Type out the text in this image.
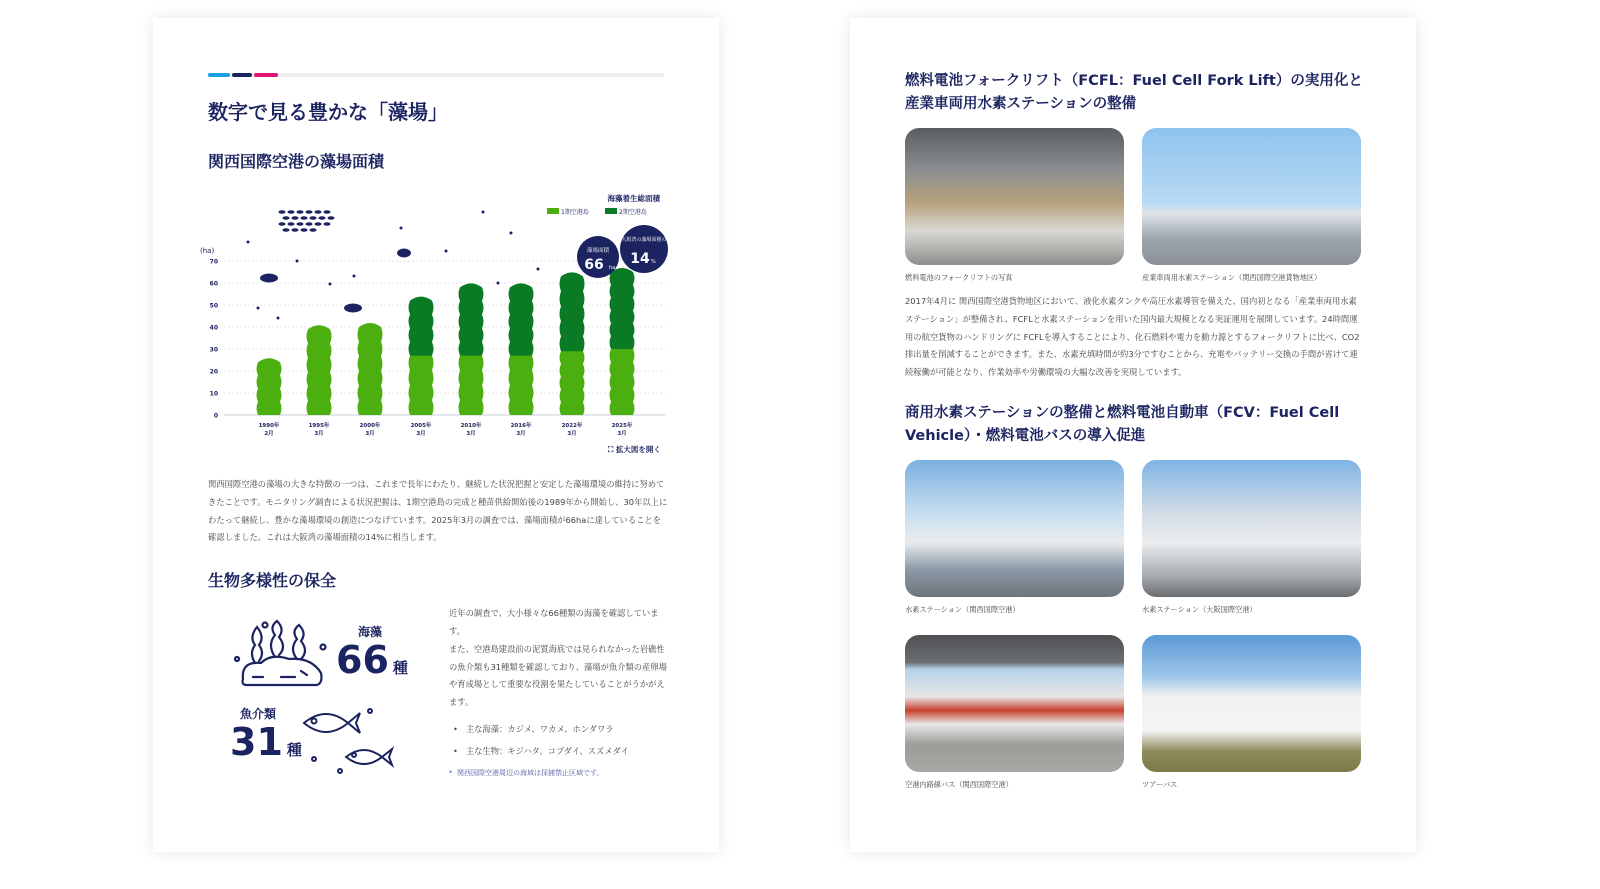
数字で見る豊かな「藻場」
関西国際空港の藻場面積
(ha)
0
10
20
30
40
50
60
70
1990年
2月
1995年
3月
2000年
3月
2005年
3月
2010年
3月
2016年
3月
2022年
3月
2025年
3月
海藻着生総面積
1期空港島	2期空港島
藻場面積
66 ha
大阪湾の藻場面積の
14 %
⛶ 拡大図を開く

関西国際空港の藻場の大きな特徴の一つは、これまで長年にわたり、継続した状況把握と安定した藻場環境の維持に努めてきたことです。モニタリング調査による状況把握は、1期空港島の完成と種苗供給開始後の1989年から開始し、30年以上にわたって継続し、豊かな藻場環境の創造につなげています。2025年3月の調査では、藻場面積が66haに達していることを確認しました。これは大阪湾の藻場面積の14%に相当します。

生物多様性の保全
海藻
66 種
魚介類
31 種

近年の調査で、大小様々な66種類の海藻を確認しています。

また、空港島建設前の泥質海底では見られなかった岩礁性の魚介類も31種類を確認しており、藻場が魚介類の産卵場や育成場として重要な役割を果たしていることがうかがえます。

•   主な海藻：カジメ、ワカメ、ホンダワラ
•   主な生物：キジハタ、コブダイ、スズメダイ
*  関西国際空港周辺の海域は採捕禁止区域です。
燃料電池フォークリフト（FCFL：Fuel Cell Fork Lift）の実用化と産業車両用水素ステーションの整備
燃料電池のフォークリフトの写真	産業車両用水素ステーション（関西国際空港貨物地区）

2017年4月に 関西国際空港貨物地区において、液化水素タンクや高圧水素導管を備えた、国内初となる「産業車両用水素ステーション」が整備され、FCFLと水素ステーションを用いた国内最大規模となる実証運用を展開しています。24時間運用の航空貨物のハンドリングに FCFLを導入することにより、化石燃料や電力を動力源とするフォークリフトに比べ、CO2排出量を削減することができます。また、水素充填時間が約3分ですむことから、充電やバッテリー交換の手間が省けて連続稼働が可能となり、作業効率や労働環境の大幅な改善を実現しています。

商用水素ステーションの整備と燃料電池自動車（FCV：Fuel Cell Vehicle）・燃料電池バスの導入促進
水素ステーション（関西国際空港）	水素ステーション（大阪国際空港）
空港内路線バス（関西国際空港）	ツアーバス
